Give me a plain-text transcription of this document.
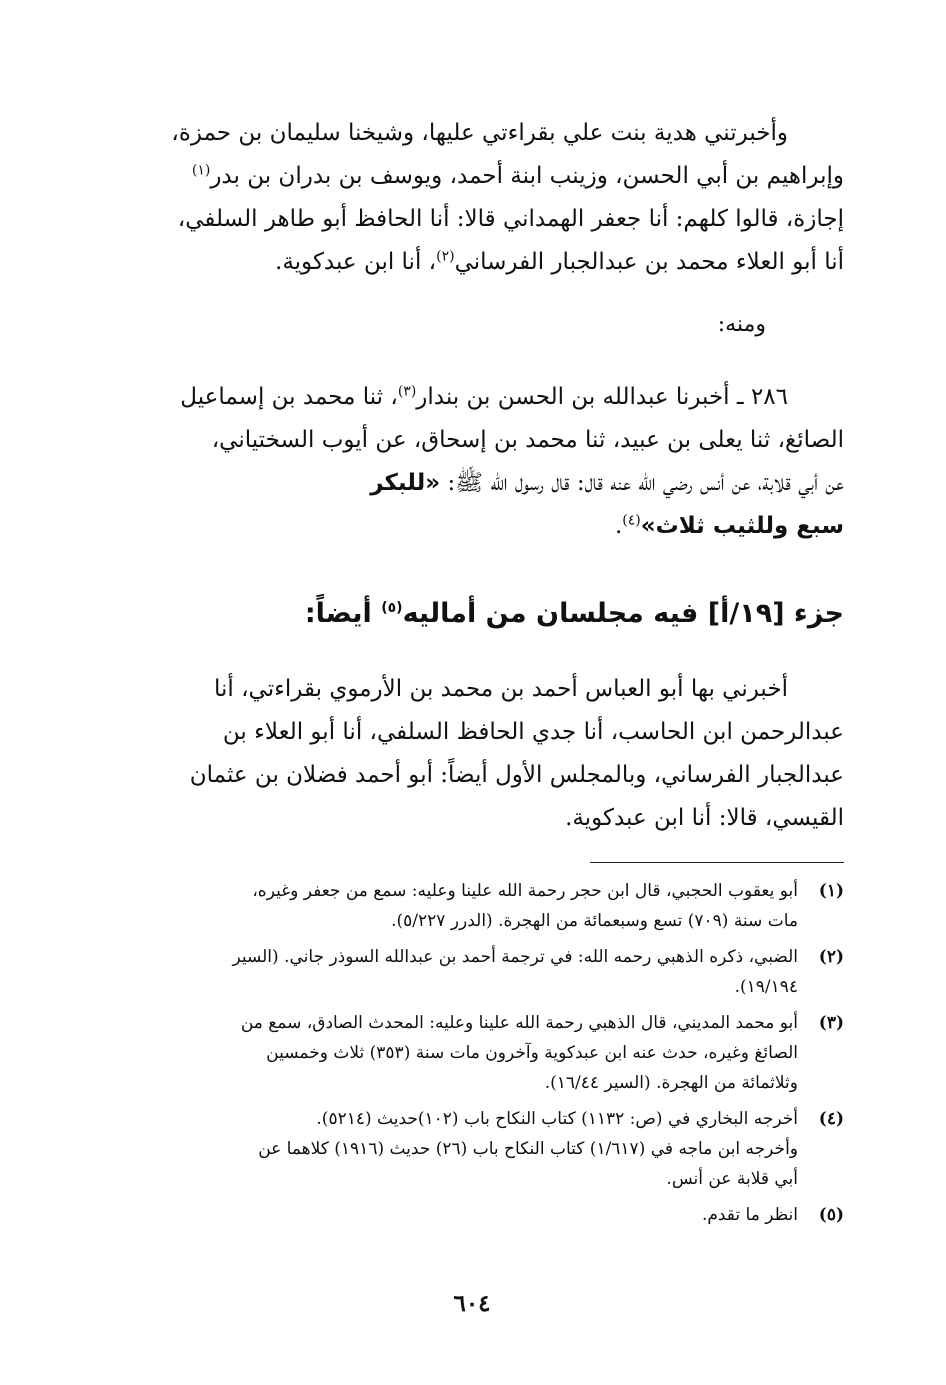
وأخبرتني هدية بنت علي بقراءتي عليها، وشيخنا سليمان بن حمزة،
وإبراهيم بن أبي الحسن، وزينب ابنة أحمد، ويوسف بن بدران بن بدر$^{(١)}$
إجازة، قالوا كلهم: أنا جعفر الهمداني قالا: أنا الحافظ أبو طاهر السلفي،
أنا أبو العلاء محمد بن عبدالجبار الفرساني$^{(٢)}$، أنا ابن عبدكوية.
ومنه:
٢٨٦ ـ أخبرنا عبدالله بن الحسن بن بندار$^{(٣)}$، ثنا محمد بن إسماعيل
الصائغ، ثنا يعلى بن عبيد، ثنا محمد بن إسحاق، عن أيوب السختياني،
عن أبي قلابة، عن أنس رضي الله عنه قال: قال رسول الله ﷺ: «للبكر
سبع وللثيب ثلاث»$^{(٤)}$.
جزء [١٩/أ] فيه مجلسان من أماليه$^{(٥)}$ أيضاً:
أخبرني بها أبو العباس أحمد بن محمد بن الأرموي بقراءتي، أنا
عبدالرحمن ابن الحاسب، أنا جدي الحافظ السلفي، أنا أبو العلاء بن
عبدالجبار الفرساني، وبالمجلس الأول أيضاً: أبو أحمد فضلان بن عثمان
القيسي، قالا: أنا ابن عبدكوية.
(١)
أبو يعقوب الحجبي، قال ابن حجر رحمة الله علينا وعليه: سمع من جعفر وغيره،
مات سنة (٧٠٩) تسع وسبعمائة من الهجرة. (الدرر ٥/٢٢٧).
(٢)
الضبي، ذكره الذهبي رحمه الله: في ترجمة أحمد بن عبدالله السوذر جاني. (السير
١٩/١٩٤).
(٣)
أبو محمد المديني، قال الذهبي رحمة الله علينا وعليه: المحدث الصادق، سمع من
الصائغ وغيره، حدث عنه ابن عبدكوية وآخرون مات سنة (٣٥٣) ثلاث وخمسين
وثلاثمائة من الهجرة. (السير ١٦/٤٤).
(٤)
أخرجه البخاري في (ص: ١١٣٢) كتاب النكاح باب (١٠٢)حديث (٥٢١٤).
وأخرجه ابن ماجه في (١/٦١٧) كتاب النكاح باب (٢٦) حديث (١٩١٦) كلاهما عن
أبي قلابة عن أنس.
(٥)
انظر ما تقدم.
٦٠٤
